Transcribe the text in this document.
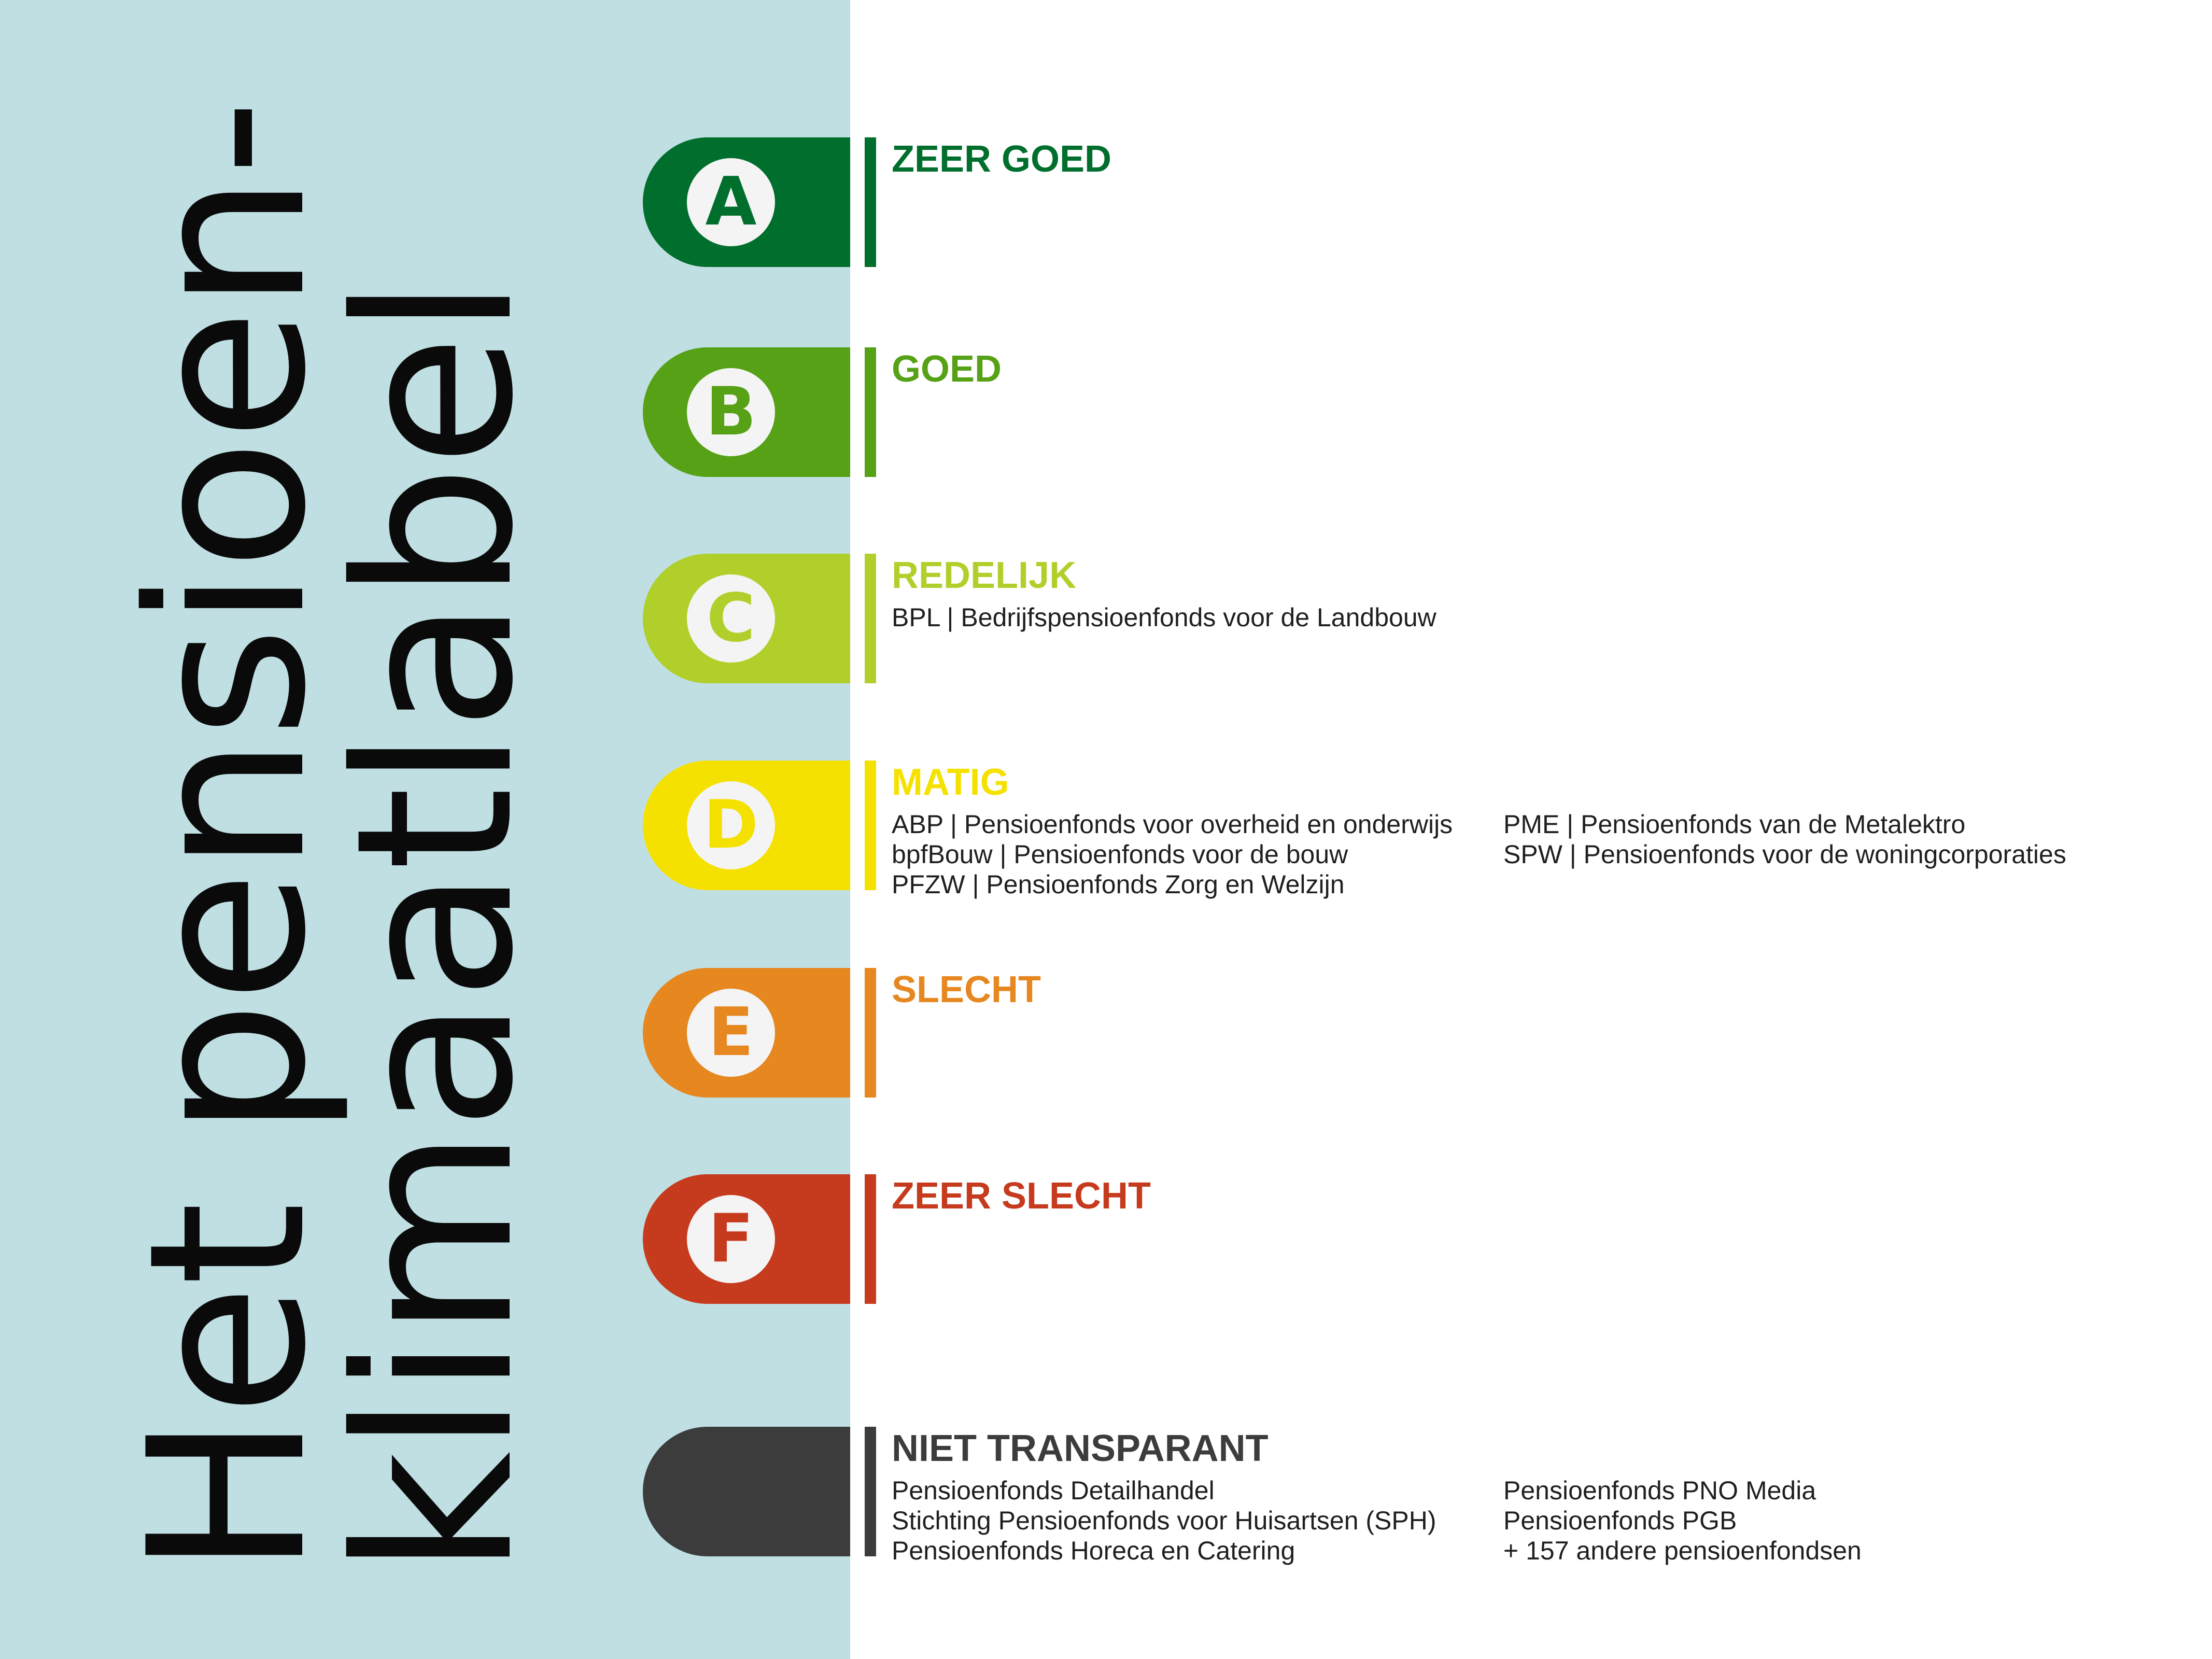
Het pensioen-
klimaatlabel
A
ZEER GOED
B
GOED
C
REDELIJK
BPL | Bedrijfspensioenfonds voor de Landbouw
D
MATIG
ABP | Pensioenfonds voor overheid en onderwijs
bpfBouw | Pensioenfonds voor de bouw
PFZW | Pensioenfonds Zorg en Welzijn
PME | Pensioenfonds van de Metalektro
SPW | Pensioenfonds voor de woningcorporaties
E
SLECHT
F
ZEER SLECHT
NIET TRANSPARANT
Pensioenfonds Detailhandel
Stichting Pensioenfonds voor Huisartsen (SPH)
Pensioenfonds Horeca en Catering
Pensioenfonds PNO Media
Pensioenfonds PGB
+ 157 andere pensioenfondsen
